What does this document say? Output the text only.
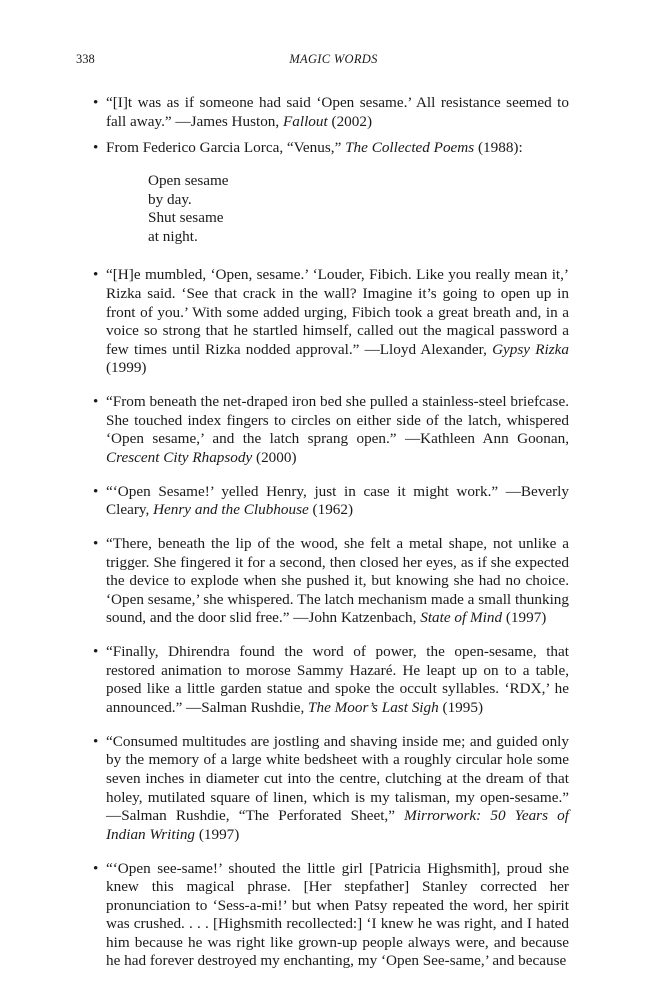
338	MAGIC WORDS

• “[I]t was as if someone had said ‘Open sesame.’ All resistance seemed to fall away.” —James Huston, Fallout (2002)

• From Federico Garcia Lorca, “Venus,” The Collected Poems (1988):
Open sesame
by day.
Shut sesame
at night.

• “[H]e mumbled, ‘Open, sesame.’ ‘Louder, Fibich. Like you really mean it,’ Rizka said. ‘See that crack in the wall? Imagine it’s going to open up in front of you.’ With some added urging, Fibich took a great breath and, in a voice so strong that he startled himself, called out the magical password a few times until Rizka nodded approval.” —Lloyd Alexander, Gypsy Rizka (1999)

• “From beneath the net-draped iron bed she pulled a stainless-steel briefcase. She touched index fingers to circles on either side of the latch, whispered ‘Open sesame,’ and the latch sprang open.” —Kathleen Ann Goonan, Crescent City Rhapsody (2000)

• “‘Open Sesame!’ yelled Henry, just in case it might work.” —Beverly Cleary, Henry and the Clubhouse (1962)

• “There, beneath the lip of the wood, she felt a metal shape, not unlike a trigger. She fingered it for a second, then closed her eyes, as if she expected the device to explode when she pushed it, but knowing she had no choice. ‘Open sesame,’ she whispered. The latch mechanism made a small thunking sound, and the door slid free.” —John Katzenbach, State of Mind (1997)

• “Finally, Dhirendra found the word of power, the open-sesame, that restored animation to morose Sammy Hazaré. He leapt up on to a table, posed like a little garden statue and spoke the occult syllables. ‘RDX,’ he announced.” —Salman Rushdie, The Moor’s Last Sigh (1995)

• “Consumed multitudes are jostling and shaving inside me; and guided only by the memory of a large white bedsheet with a roughly circular hole some seven inches in diameter cut into the centre, clutching at the dream of that holey, mutilated square of linen, which is my talisman, my open-sesame.” —Salman Rushdie, “The Perforated Sheet,” Mirrorwork: 50 Years of Indian Writing (1997)

• “‘Open see-same!’ shouted the little girl [Patricia Highsmith], proud she knew this magical phrase. [Her stepfather] Stanley corrected her pronunciation to ‘Sess-a-mi!’ but when Patsy repeated the word, her spirit was crushed. . . . [Highsmith recollected:] ‘I knew he was right, and I hated him because he was right like grown-up people always were, and because he had forever destroyed my enchanting, my ‘Open See-same,’ and because
